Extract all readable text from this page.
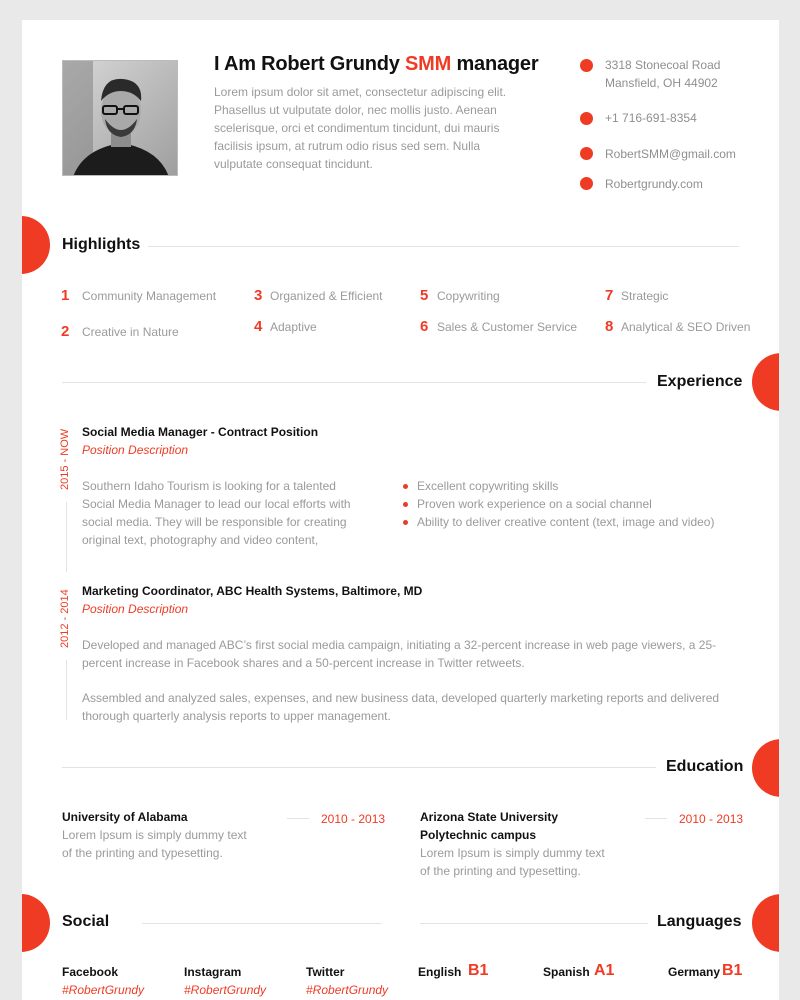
I Am Robert Grundy SMM manager
Lorem ipsum dolor sit amet, consectetur adipiscing elit. Phasellus ut vulputate dolor, nec mollis justo. Aenean scelerisque, orci et condimentum tincidunt, dui mauris facilisis ipsum, at rutrum odio risus sed sem. Nulla vulputate consequat tincidunt.
3318 Stonecoal Road
Mansfield, OH 44902
+1 716-691-8354
RobertSMM@gmail.com
Robertgrundy.com
Highlights
1 Community Management
2 Creative in Nature
3 Organized & Efficient
4 Adaptive
5 Copywriting
6 Sales & Customer Service
7 Strategic
8 Analytical & SEO Driven
Experience
2015 - NOW Social Media Manager - Contract Position
Position Description
Southern Idaho Tourism is looking for a talented Social Media Manager to lead our local efforts with social media. They will be responsible for creating original text, photography and video content,
Excellent copywriting skills
Proven work experience on a social channel
Ability to deliver creative content (text, image and video)
2012 - 2014 Marketing Coordinator, ABC Health Systems, Baltimore, MD
Position Description
Developed and managed ABC’s first social media campaign, initiating a 32-percent increase in web page viewers, a 25-percent increase in Facebook shares and a 50-percent increase in Twitter retweets.
Assembled and analyzed sales, expenses, and new business data, developed quarterly marketing reports and delivered thorough quarterly analysis reports to upper management.
Education
University of Alabama
Lorem Ipsum is simply dummy text of the printing and typesetting.
2010 - 2013	Arizona State University
Polytechnic campus
Lorem Ipsum is simply dummy text of the printing and typesetting.
2010 - 2013
Social
Facebook
#RobertGrundy
Instagram
#RobertGrundy
Twitter
#RobertGrundy
Languages
English B1	Spanish A1	Germany B1
